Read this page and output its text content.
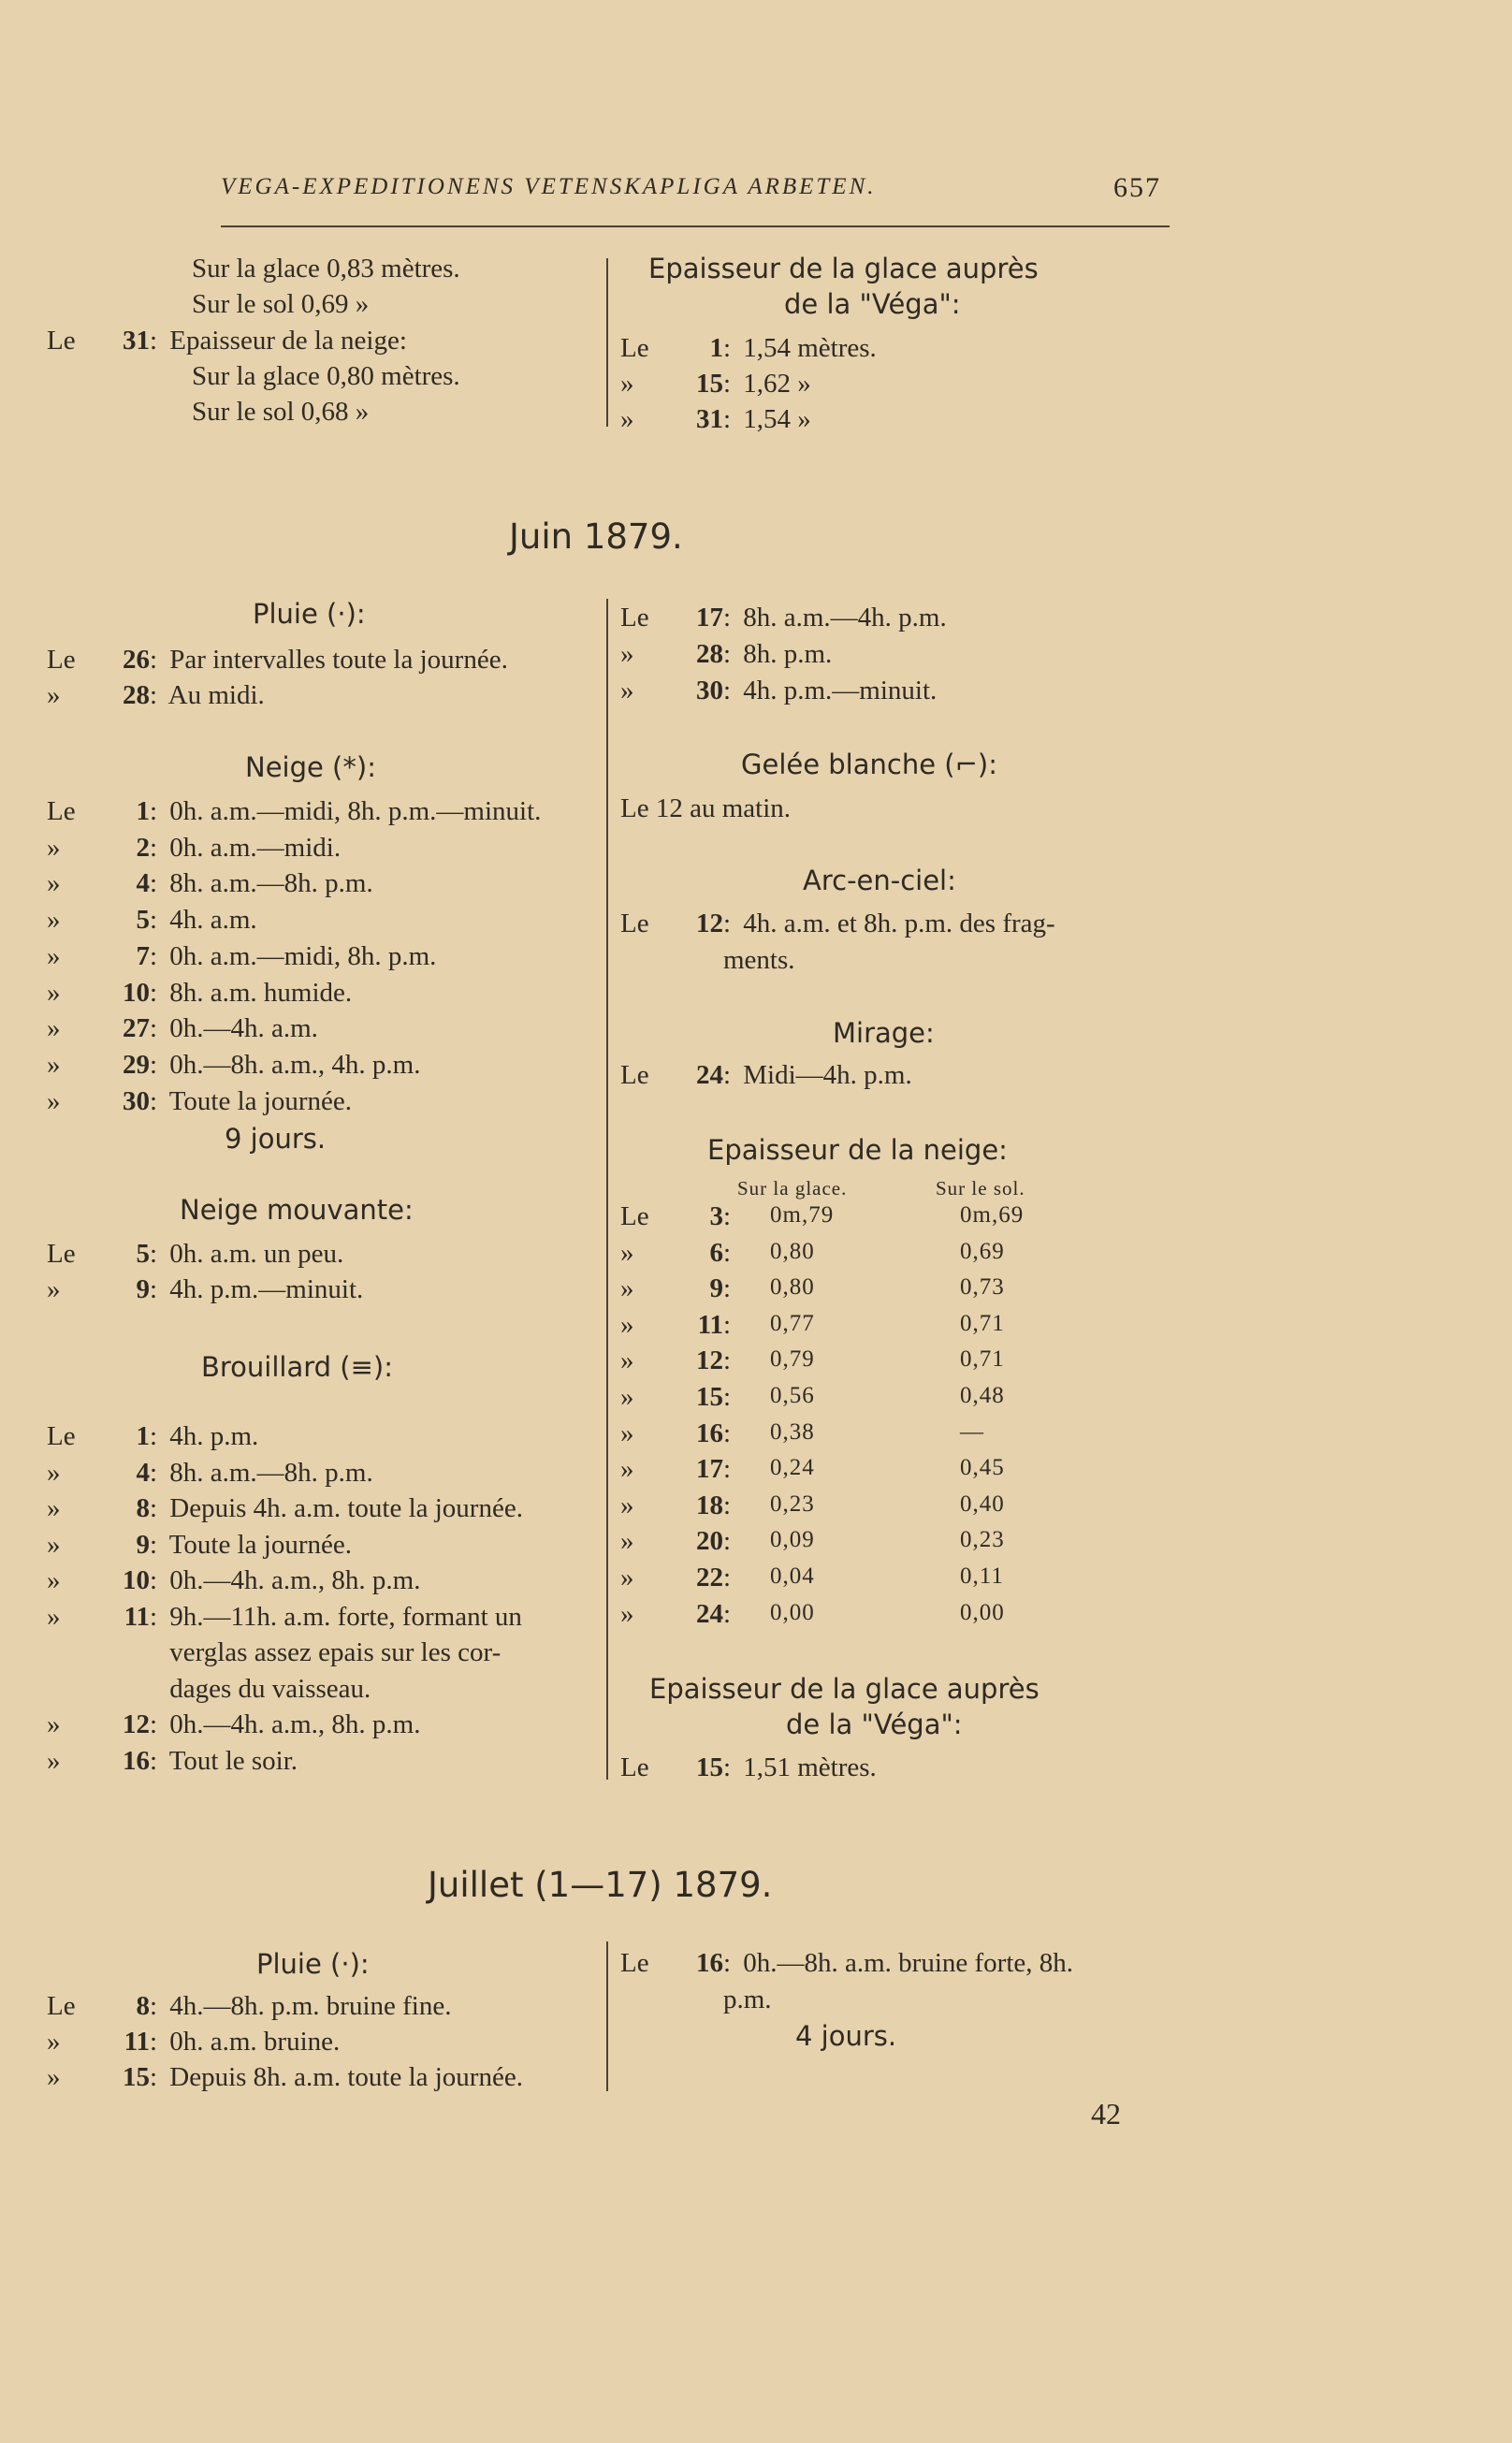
VEGA-EXPEDITIONENS VETENSKAPLIGA ARBETEN.	657
Sur la glace 0,83 mètres.
Sur le sol 0,69 »
Le 31: Epaisseur de la neige:
Sur la glace 0,80 mètres.
Sur le sol 0,68 »
Epaisseur de la glace auprès
de la "Véga":
Le 1: 1,54 mètres.
» 15: 1,62 »
» 31: 1,54 »
Juin 1879.
Pluie (·):
Le 26: Par intervalles toute la journée.
» 28: Au midi.
Neige (*):
Le 1: 0h. a.m.—midi, 8h. p.m.—minuit.
»	2: 0h. a.m.—midi.
»	4: 8h. a.m.—8h. p.m.
»	5: 4h. a.m.
»	7: 0h. a.m.—midi, 8h. p.m.
» 10: 8h. a.m. humide.
» 27: 0h.—4h. a.m.
» 29: 0h.—8h. a.m., 4h. p.m.
» 30: Toute la journée.
9 jours.
Neige mouvante:
Le 5: 0h. a.m. un peu.
»	9: 4h. p.m.—minuit.
Brouillard (≡):
Le 1: 4h. p.m.
»	4: 8h. a.m.—8h. p.m.
»	8: Depuis 4h. a.m. toute la journée.
»	9: Toute la journée.
» 10: 0h.—4h. a.m., 8h. p.m.
» 11: 9h.—11h. a.m. forte, formant un
verglas assez epais sur les cor-
dages du vaisseau.
» 12: 0h.—4h. a.m., 8h. p.m.
» 16: Tout le soir.
Le 17: 8h. a.m.—4h. p.m.
» 28: 8h. p.m.
» 30: 4h. p.m.—minuit.
Gelée blanche (⌐):
Le 12 au matin.
Arc-en-ciel:
Le 12: 4h. a.m. et 8h. p.m. des frag-
ments.
Mirage:
Le 24: Midi—4h. p.m.
Epaisseur de la neige:
Sur la glace.	Sur le sol.
Le 3: 0m,79	0m,69
»	6: 0,80	0,69
»	9: 0,80	0,73
» 11: 0,77	0,71
» 12: 0,79	0,71
» 15: 0,56	0,48
» 16: 0,38	—
» 17: 0,24	0,45
» 18: 0,23	0,40
» 20: 0,09	0,23
» 22: 0,04	0,11
» 24: 0,00	0,00
Epaisseur de la glace auprès
de la "Véga":
Le 15: 1,51 mètres.
Juillet (1—17) 1879.
Pluie (·):
Le 8: 4h.—8h. p.m. bruine fine.
» 11: 0h. a.m. bruine.
» 15: Depuis 8h. a.m. toute la journée.
Le 16: 0h.—8h. a.m. bruine forte, 8h.
p.m.
4 jours.
42
